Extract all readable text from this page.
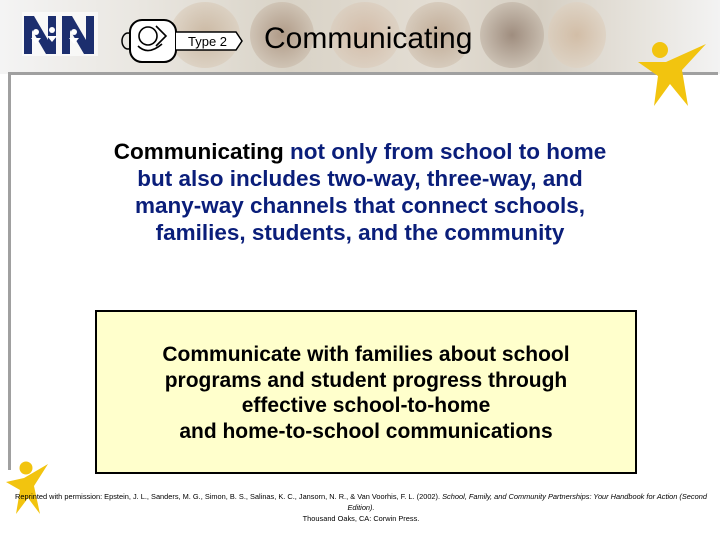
Type 2 Communicating
Communicating not only from school to home
but also includes two-way, three-way, and
many-way channels that connect schools,
families, students, and the community
Communicate with families about school
programs and student progress through
effective school-to-home
and home-to-school communications
Reprinted with permission: Epstein, J. L., Sanders, M. G., Simon, B. S., Salinas, K. C., Jansorn, N. R., & Van Voorhis, F. L. (2002). School, Family, and Community Partnerships: Your Handbook for Action (Second Edition).
Thousand Oaks, CA: Corwin Press.
